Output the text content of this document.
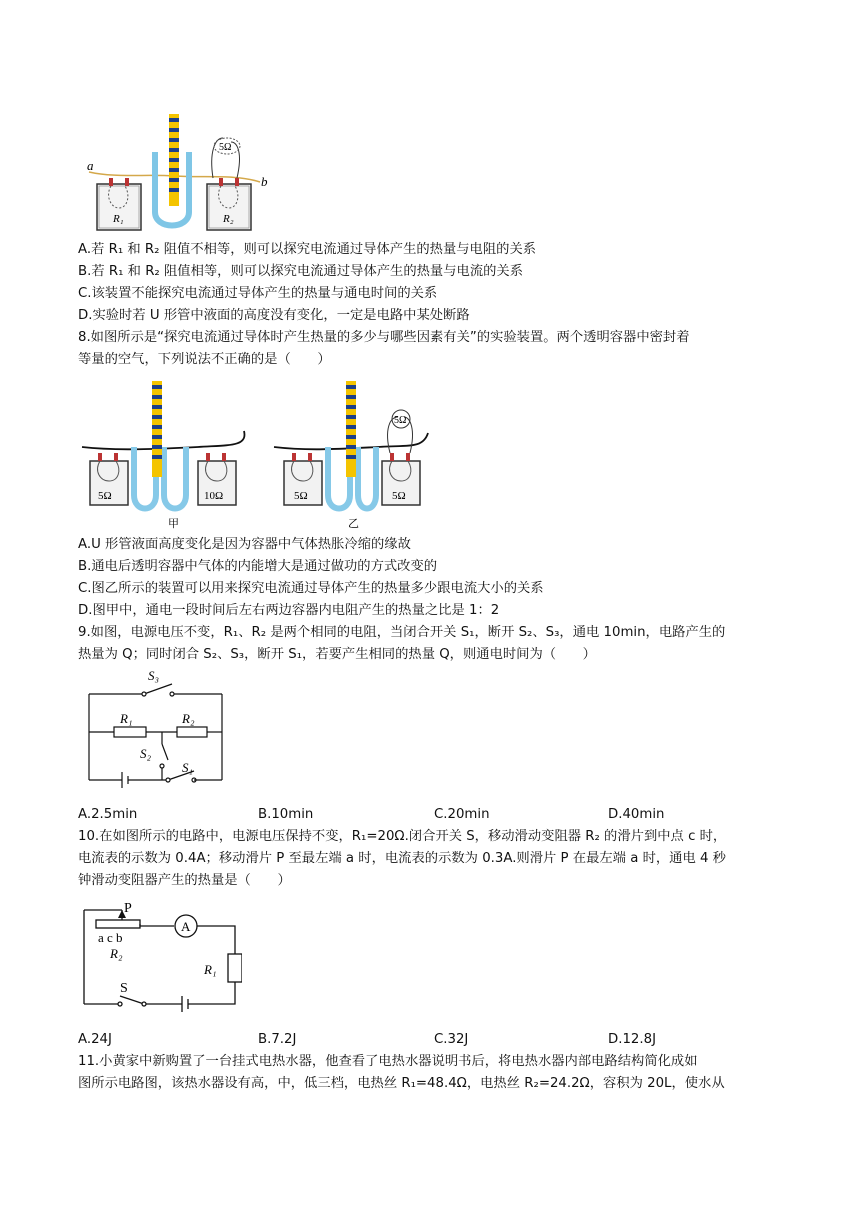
a
b
R₁	R₂
5Ω
A.若 R₁ 和 R₂ 阻值不相等，则可以探究电流通过导体产生的热量与电阻的关系
B.若 R₁ 和 R₂ 阻值相等，则可以探究电流通过导体产生的热量与电流的关系
C.该装置不能探究电流通过导体产生的热量与通电时间的关系
D.实验时若 U 形管中液面的高度没有变化，一定是电路中某处断路
8.如图所示是“探究电流通过导体时产生热量的多少与哪些因素有关”的实验装置。两个透明容器中密封着
等量的空气，下列说法不正确的是（　　）
5Ω	10Ω
甲
5Ω
5Ω	5Ω
乙
A.U 形管液面高度变化是因为容器中气体热胀冷缩的缘故
B.通电后透明容器中气体的内能增大是通过做功的方式改变的
C.图乙所示的装置可以用来探究电流通过导体产生的热量多少跟电流大小的关系
D.图甲中，通电一段时间后左右两边容器内电阻产生的热量之比是 1：2
9.如图，电源电压不变，R₁、R₂ 是两个相同的电阻，当闭合开关 S₁，断开 S₂、S₃，通电 10min，电路产生的
热量为 Q；同时闭合 S₂、S₃，断开 S₁，若要产生相同的热量 Q，则通电时间为（　　）
S₃
R₁	R₂
S₂
S₁
A.2.5min	B.10min	C.20min	D.40min
10.在如图所示的电路中，电源电压保持不变，R₁=20Ω.闭合开关 S，移动滑动变阻器 R₂ 的滑片到中点 c 时，
电流表的示数为 0.4A；移动滑片 P 至最左端 a 时，电流表的示数为 0.3A.则滑片 P 在最左端 a 时，通电 4 秒
钟滑动变阻器产生的热量是（　　）
P
a c b
R₂
A
R₁
S
A.24J	B.7.2J	C.32J	D.12.8J
11.小黄家中新购置了一台挂式电热水器，他查看了电热水器说明书后，将电热水器内部电路结构简化成如
图所示电路图，该热水器设有高，中，低三档，电热丝 R₁=48.4Ω，电热丝 R₂=24.2Ω，容积为 20L，使水从
